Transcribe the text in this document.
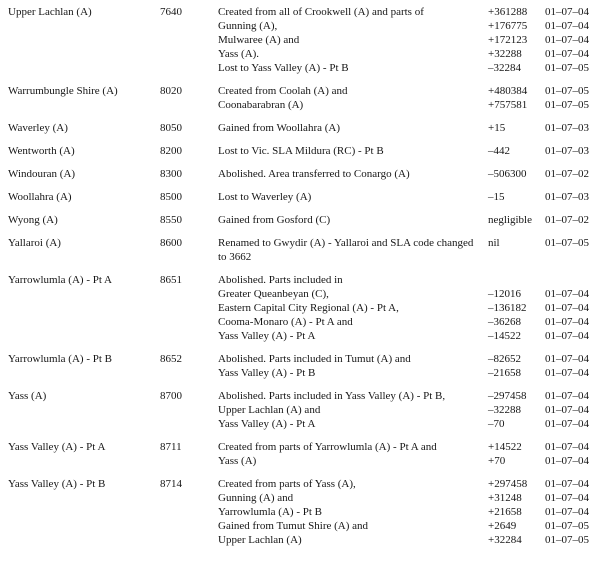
Upper Lachlan (A)	7640	Created from all of Crookwell (A) and parts of	+361288	01–07–04
Gunning (A),	+176775	01–07–04
Mulwaree (A) and	+172123	01–07–04
Yass (A).	+32288	01–07–04
Lost to Yass Valley (A) - Pt B	–32284	01–07–05
Warrumbungle Shire (A)	8020	Created from Coolah (A) and	+480384	01–07–05
Coonabarabran (A)	+757581	01–07–05
Waverley (A)	8050	Gained from Woollahra (A)	+15	01–07–03
Wentworth (A)	8200	Lost to Vic. SLA Mildura (RC) - Pt B	–442	01–07–03
Windouran (A)	8300	Abolished. Area transferred to Conargo (A)	–506300	01–07–02
Woollahra (A)	8500	Lost to Waverley (A)	–15	01–07–03
Wyong (A)	8550	Gained from Gosford (C)	negligible	01–07–02
Yallaroi (A)	8600	Renamed to Gwydir (A) - Yallaroi and SLA code changed	nil	01–07–05
to 3662
Yarrowlumla (A) - Pt A	8651	Abolished. Parts included in
Greater Queanbeyan (C),	–12016	01–07–04
Eastern Capital City Regional (A) - Pt A,	–136182	01–07–04
Cooma-Monaro (A) - Pt A and	–36268	01–07–04
Yass Valley (A) - Pt A	–14522	01–07–04
Yarrowlumla (A) - Pt B	8652	Abolished. Parts included in Tumut (A) and	–82652	01–07–04
Yass Valley (A) - Pt B	–21658	01–07–04
Yass (A)	8700	Abolished. Parts included in Yass Valley (A) - Pt B,	–297458	01–07–04
Upper Lachlan (A) and	–32288	01–07–04
Yass Valley (A) - Pt A	–70	01–07–04
Yass Valley (A) - Pt A	8711	Created from parts of Yarrowlumla (A) - Pt A and	+14522	01–07–04
Yass (A)	+70	01–07–04
Yass Valley (A) - Pt B	8714	Created from parts of Yass (A),	+297458	01–07–04
Gunning (A) and	+31248	01–07–04
Yarrowlumla (A) - Pt B	+21658	01–07–04
Gained from Tumut Shire (A) and	+2649	01–07–05
Upper Lachlan (A)	+32284	01–07–05
